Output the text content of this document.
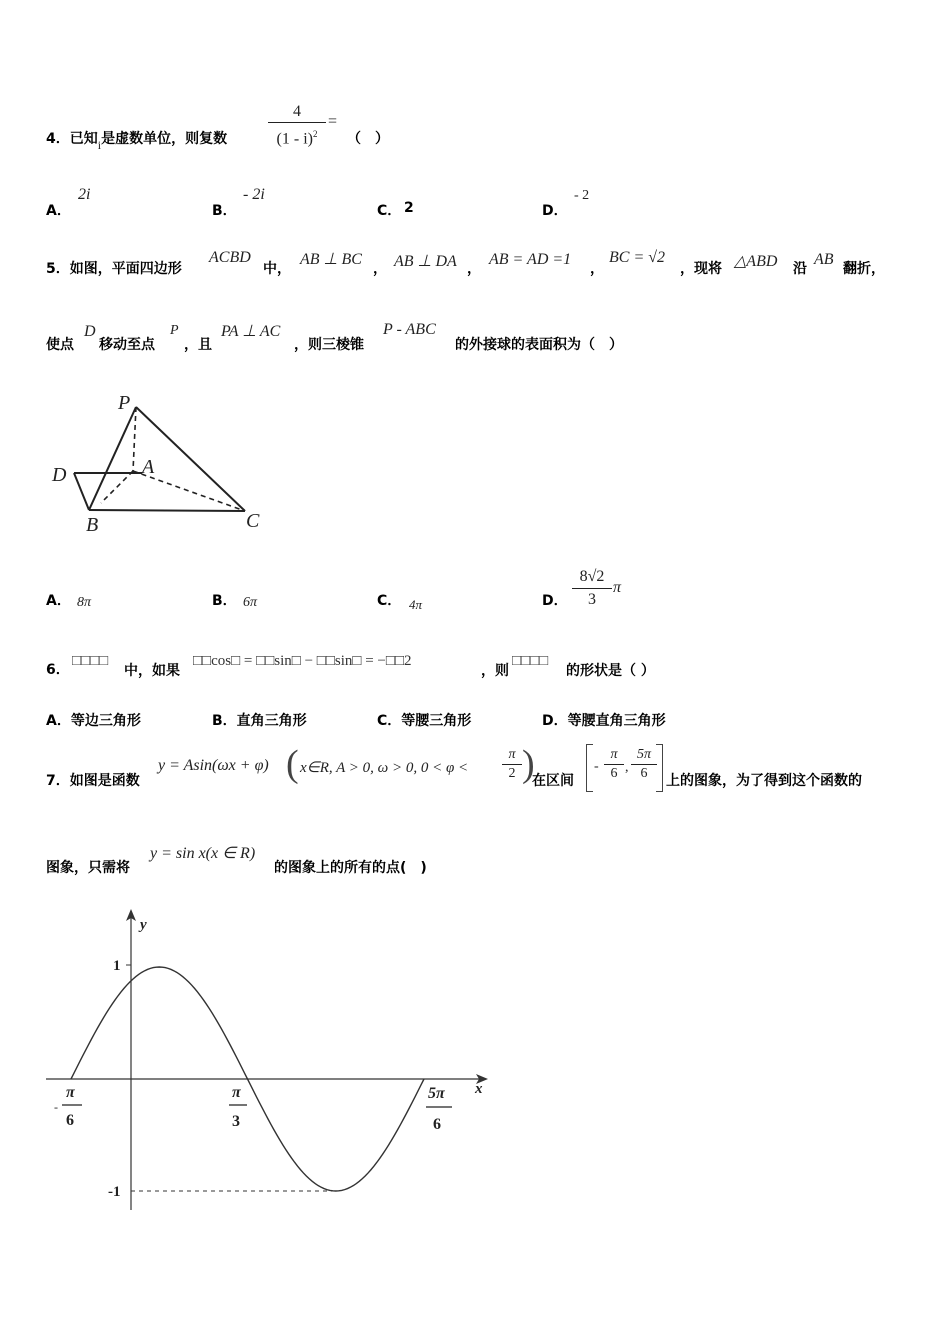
4．已知i是虚数单位，则复数
4
(1 - i)$^2$
=
（　）
A．
2i
B．
- 2i
C． 2	D．
- 2
5．如图，平面四边形
ACBD
中，
AB ⊥ BC
， AB ⊥ DA ，
AB = AD =1
，
BC = √2
，现将 △ABD 沿
AB
翻折，
使点
D
移动至点
P
，且
PA ⊥ AC
，则三棱锥
P - ABC
的外接球的表面积为（　）
P
A
D
B	C
A． 8π	B． 6π	C． 4π	D． $\frac{8√2}{3}$ π
6．
□□□□
中，如果
□□cos□ = □□sin□ − □□sin□ = −□□2
，则
□□□□
的形状是（ ）
A．等边三角形	B．直角三角形	C．等腰三角形	D．等腰直角三角形
7．如图是函数
y = Asin(ωx + φ) ( x∈R, A > 0, ω > 0, $0 < \varphi < \frac{\pi}{2}$ )
在区间
- $\frac{\pi}{6}$ , $\frac{5\pi}{6}$ 上的图象，为了得到这个函数的
图象，只需将
y = sin x(x ∈ R)
的图象上的所有的点(　)
y
x
1
-1
-
π
6
π
3
5π
6
